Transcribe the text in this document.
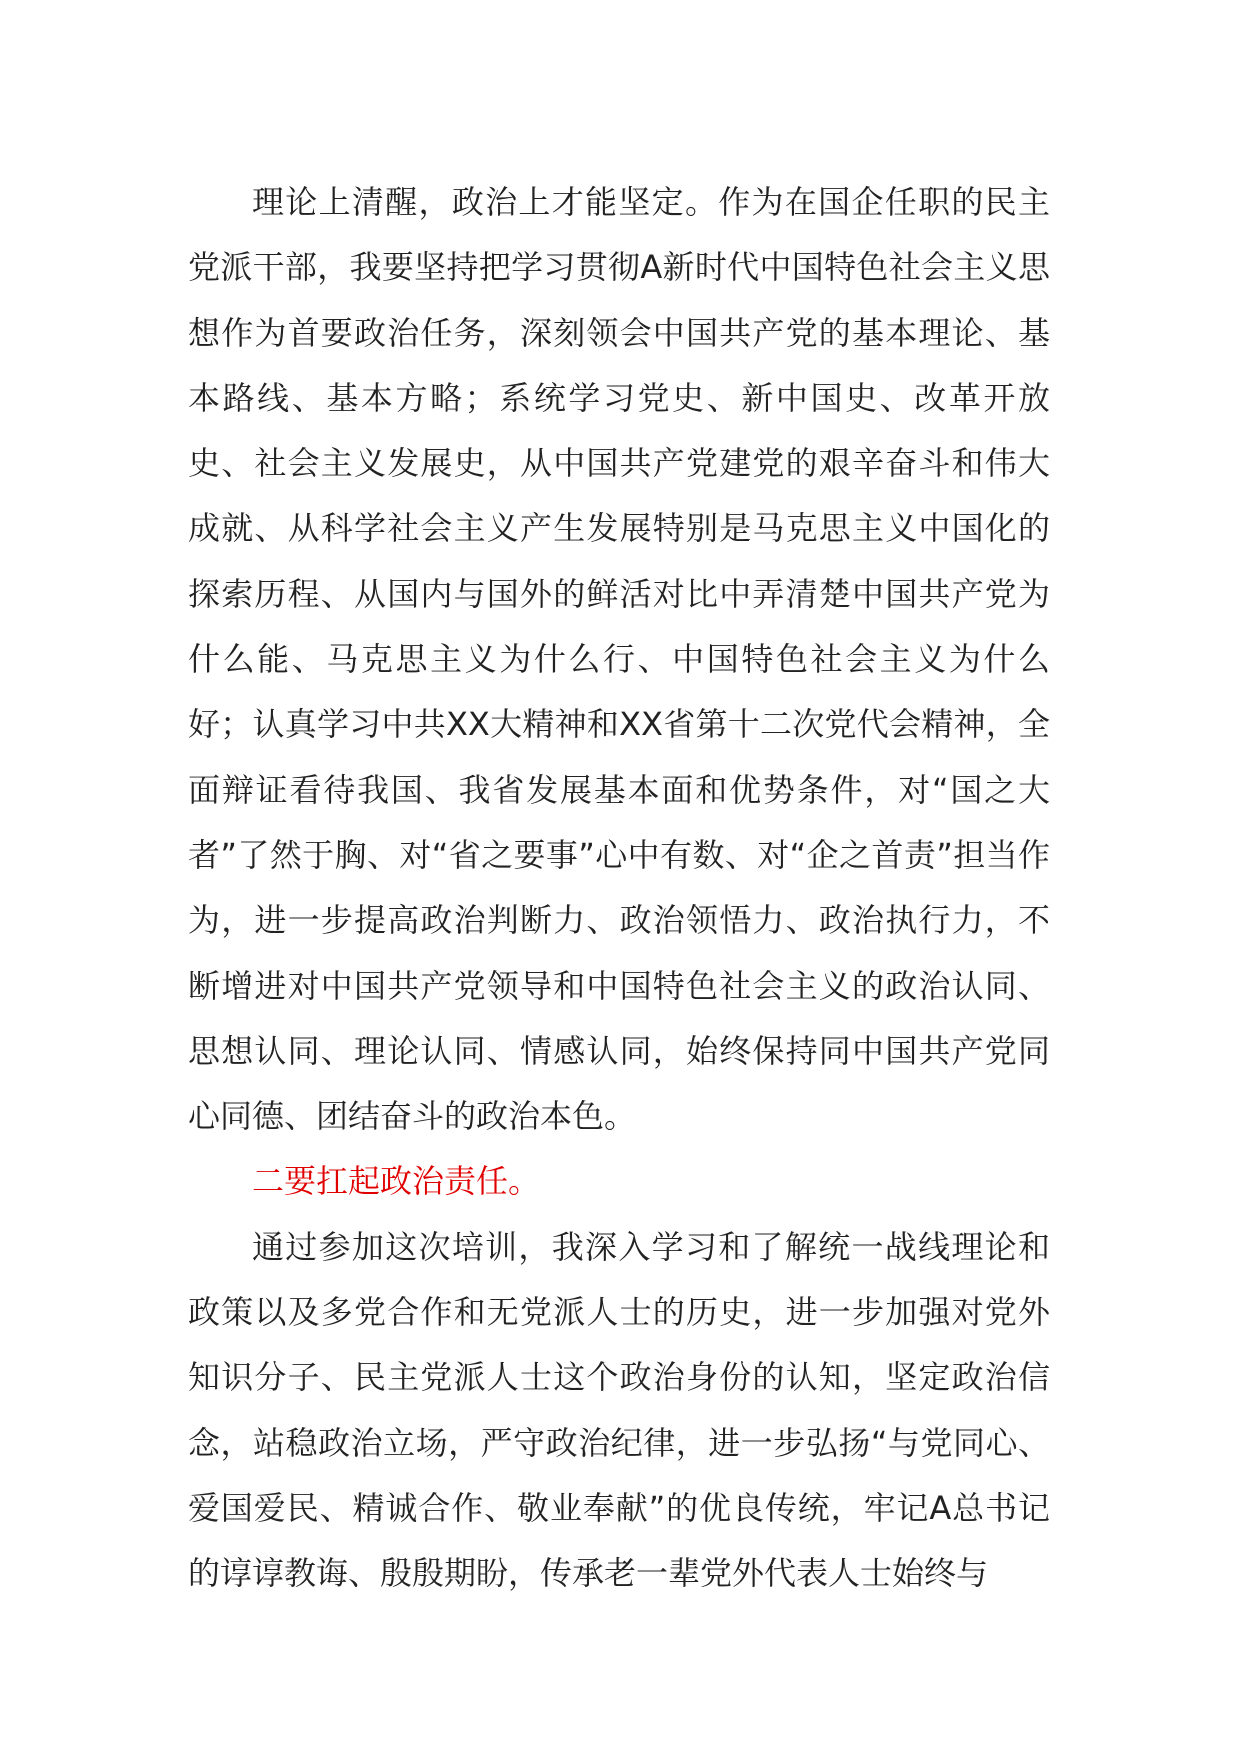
理论上清醒，政治上才能坚定。作为在国企任职的民主党派干部，我要坚持把学习贯彻A新时代中国特色社会主义思想作为首要政治任务，深刻领会中国共产党的基本理论、基本路线、基本方略；系统学习党史、新中国史、改革开放史、社会主义发展史，从中国共产党建党的艰辛奋斗和伟大成就、从科学社会主义产生发展特别是马克思主义中国化的探索历程、从国内与国外的鲜活对比中弄清楚中国共产党为什么能、马克思主义为什么行、中国特色社会主义为什么好；认真学习中共XX大精神和XX省第十二次党代会精神，全面辩证看待我国、我省发展基本面和优势条件，对“国之大者”了然于胸、对“省之要事”心中有数、对“企之首责”担当作为，进一步提高政治判断力、政治领悟力、政治执行力，不断增进对中国共产党领导和中国特色社会主义的政治认同、思想认同、理论认同、情感认同，始终保持同中国共产党同心同德、团结奋斗的政治本色。

二要扛起政治责任。

通过参加这次培训，我深入学习和了解统一战线理论和政策以及多党合作和无党派人士的历史，进一步加强对党外知识分子、民主党派人士这个政治身份的认知，坚定政治信念，站稳政治立场，严守政治纪律，进一步弘扬“与党同心、爱国爱民、精诚合作、敬业奉献”的优良传统，牢记A总书记的谆谆教诲、殷殷期盼，传承老一辈党外代表人士始终与
